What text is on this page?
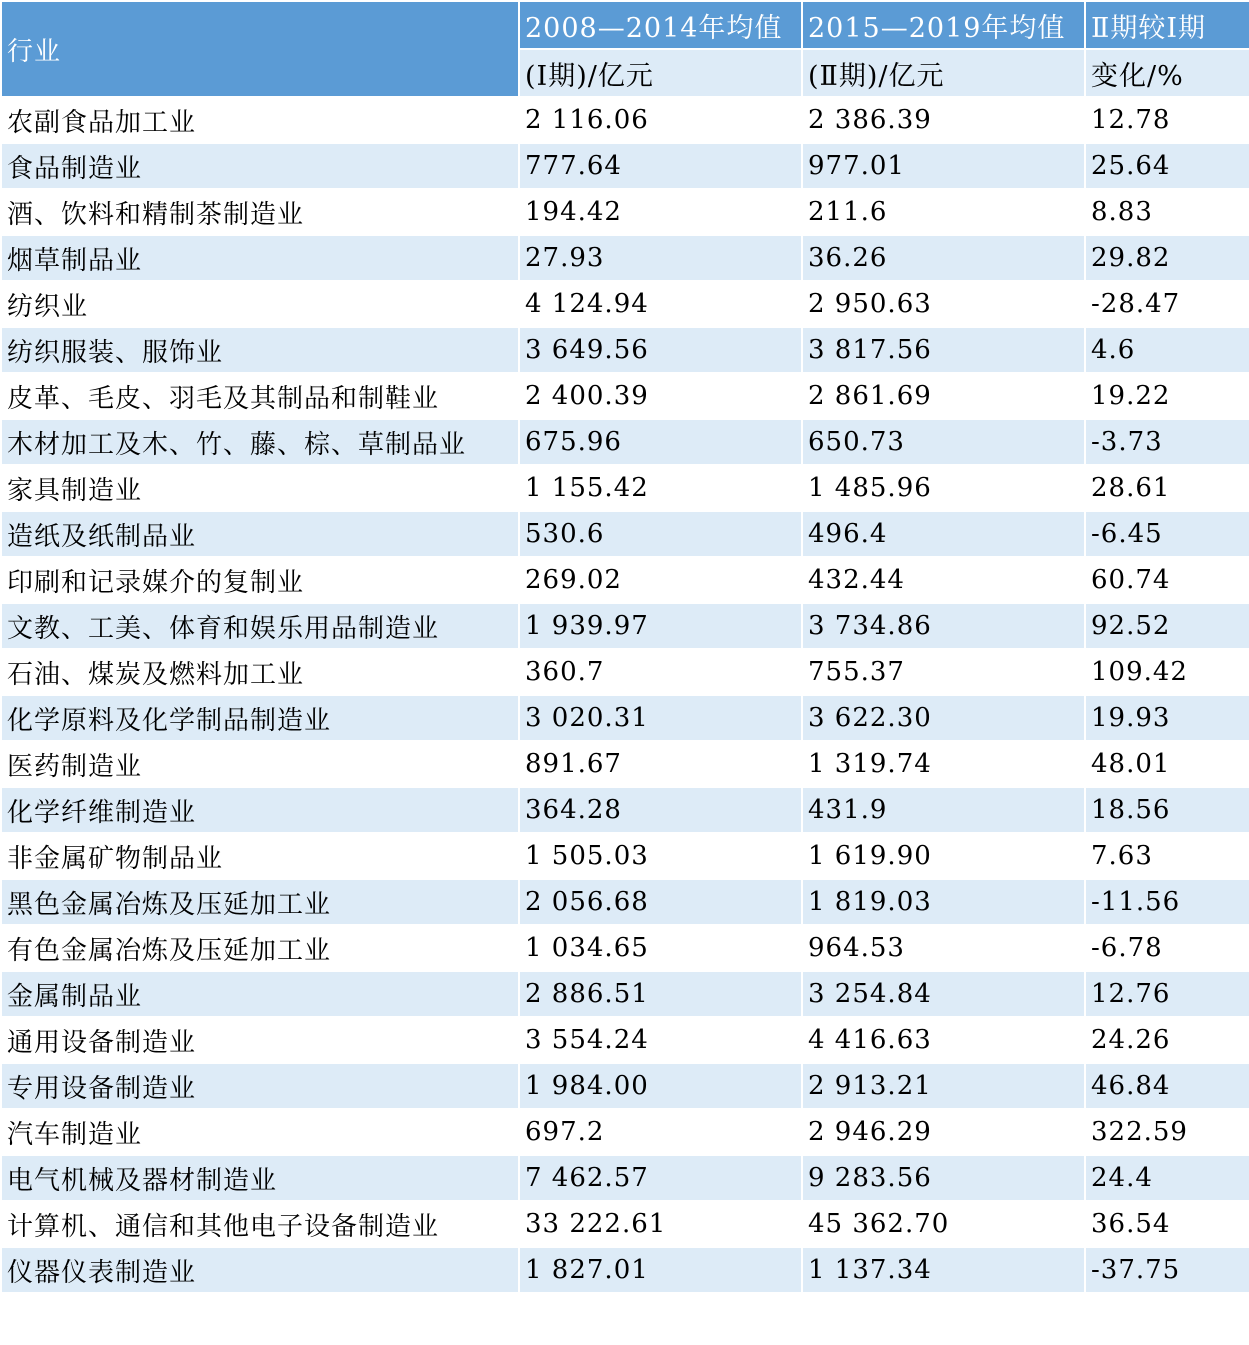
行业	2008—2014年均值	2015—2019年均值	Ⅱ期较Ⅰ期
	(Ⅰ期)/亿元	(Ⅱ期)/亿元	变化/%
农副食品加工业	2 116.06	2 386.39	12.78
食品制造业	777.64	977.01	25.64
酒、饮料和精制茶制造业	194.42	211.6	8.83
烟草制品业	27.93	36.26	29.82
纺织业	4 124.94	2 950.63	-28.47
纺织服装、服饰业	3 649.56	3 817.56	4.6
皮革、毛皮、羽毛及其制品和制鞋业	2 400.39	2 861.69	19.22
木材加工及木、竹、藤、棕、草制品业	675.96	650.73	-3.73
家具制造业	1 155.42	1 485.96	28.61
造纸及纸制品业	530.6	496.4	-6.45
印刷和记录媒介的复制业	269.02	432.44	60.74
文教、工美、体育和娱乐用品制造业	1 939.97	3 734.86	92.52
石油、煤炭及燃料加工业	360.7	755.37	109.42
化学原料及化学制品制造业	3 020.31	3 622.30	19.93
医药制造业	891.67	1 319.74	48.01
化学纤维制造业	364.28	431.9	18.56
非金属矿物制品业	1 505.03	1 619.90	7.63
黑色金属冶炼及压延加工业	2 056.68	1 819.03	-11.56
有色金属冶炼及压延加工业	1 034.65	964.53	-6.78
金属制品业	2 886.51	3 254.84	12.76
通用设备制造业	3 554.24	4 416.63	24.26
专用设备制造业	1 984.00	2 913.21	46.84
汽车制造业	697.2	2 946.29	322.59
电气机械及器材制造业	7 462.57	9 283.56	24.4
计算机、通信和其他电子设备制造业	33 222.61	45 362.70	36.54
仪器仪表制造业	1 827.01	1 137.34	-37.75
